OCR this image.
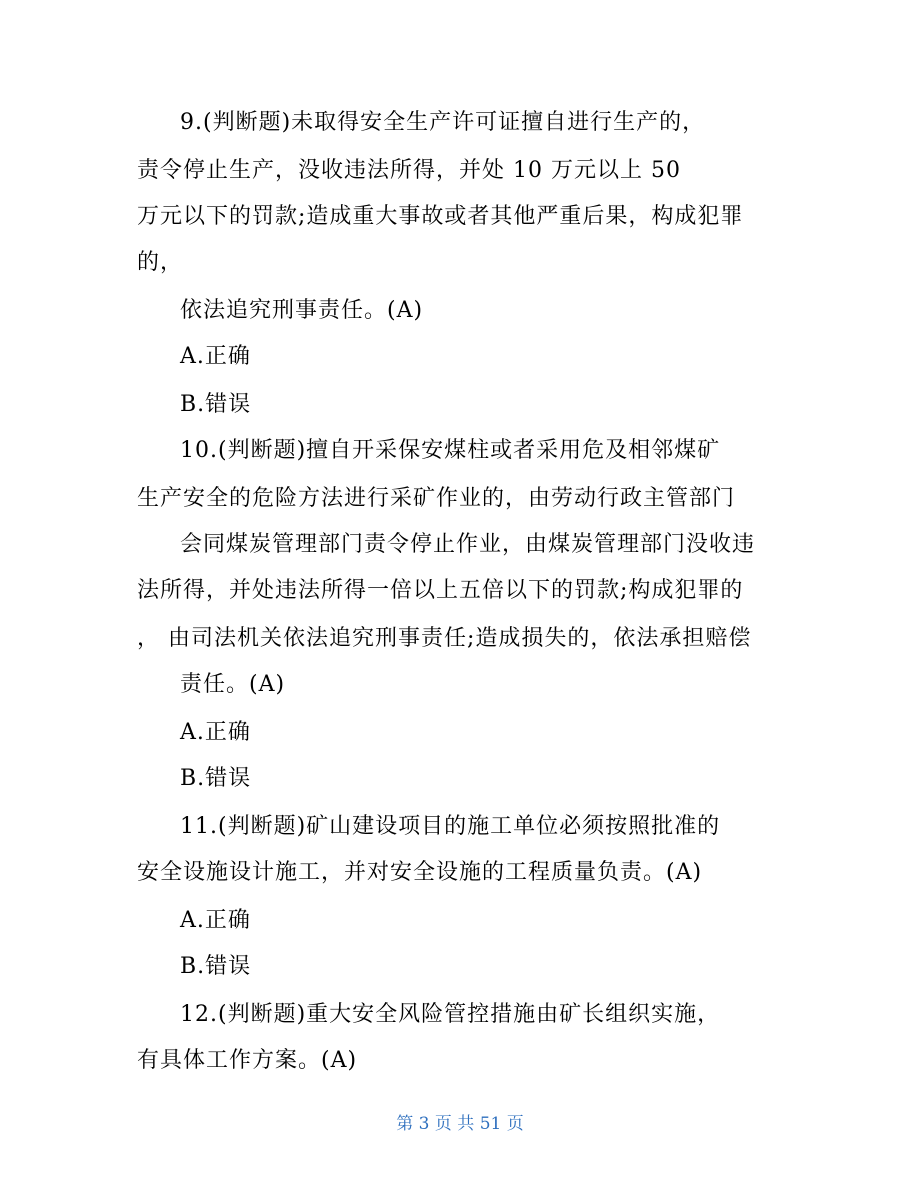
9.(判断题)未取得安全生产许可证擅自进行生产的，
责令停止生产，没收违法所得，并处 10 万元以上 50
万元以下的罚款;造成重大事故或者其他严重后果，构成犯罪
的，
依法追究刑事责任。(A)
A.正确
B.错误
10.(判断题)擅自开采保安煤柱或者采用危及相邻煤矿
生产安全的危险方法进行采矿作业的，由劳动行政主管部门
会同煤炭管理部门责令停止作业，由煤炭管理部门没收违
法所得，并处违法所得一倍以上五倍以下的罚款;构成犯罪的
， 由司法机关依法追究刑事责任;造成损失的，依法承担赔偿
责任。(A)
A.正确
B.错误
11.(判断题)矿山建设项目的施工单位必须按照批准的
安全设施设计施工，并对安全设施的工程质量负责。(A)
A.正确
B.错误
12.(判断题)重大安全风险管控措施由矿长组织实施，
有具体工作方案。(A)
第 3 页 共 51 页
